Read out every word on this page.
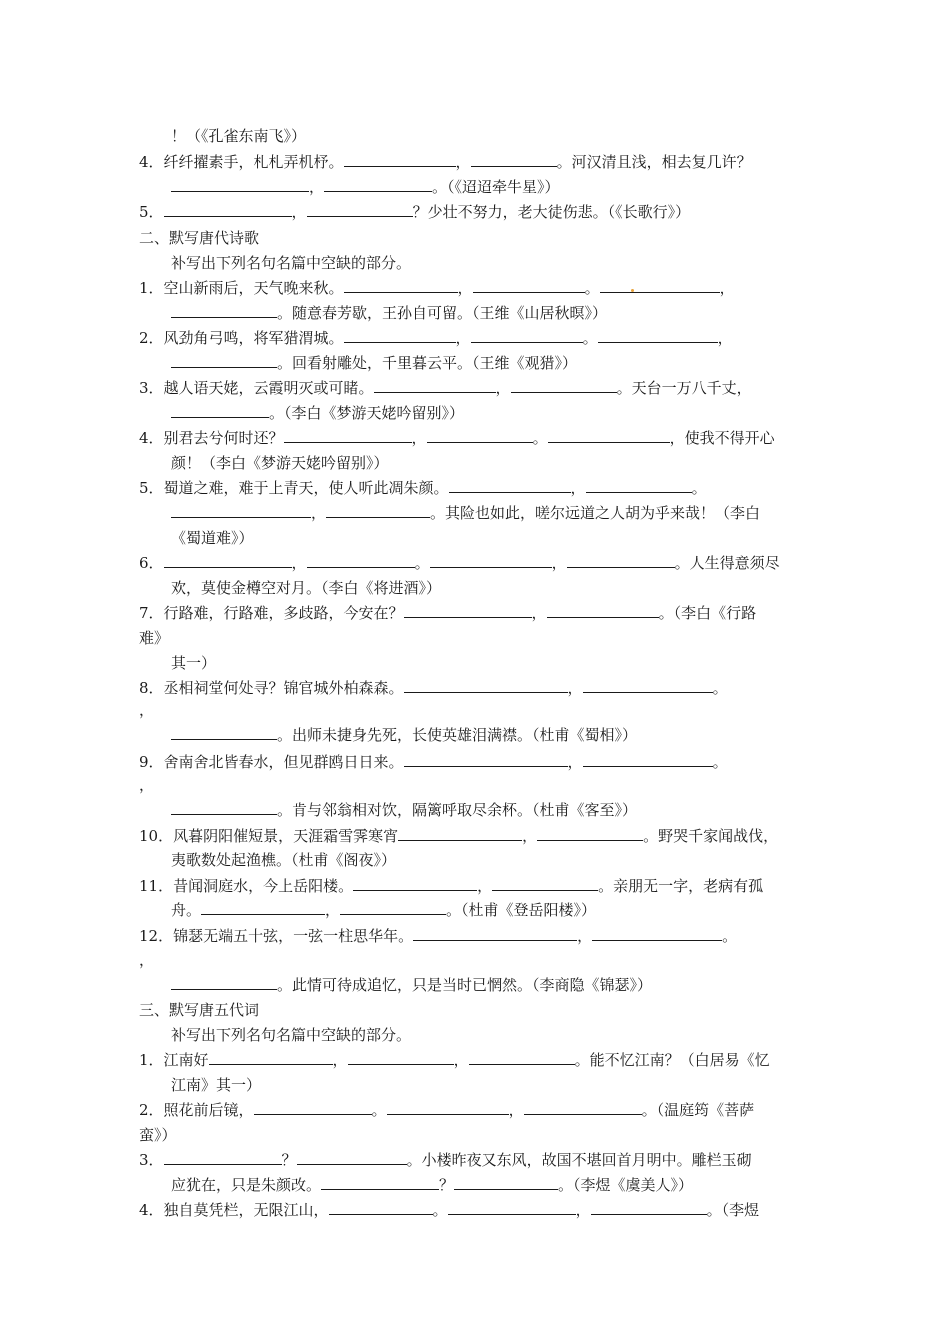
！（《孔雀东南飞》）
4．纤纤擢素手，札札弄机杼。	，	。河汉清且浅，相去复几许？
，	。（《迢迢牵牛星》）
5．	，	？少壮不努力，老大徒伤悲。（《长歌行》）
二、默写唐代诗歌
补写出下列名句名篇中空缺的部分。
1．空山新雨后，天气晚来秋。	，	。	，
。随意春芳歇，王孙自可留。（王维《山居秋暝》）
2．风劲角弓鸣，将军猎渭城。	，	。	，
。回看射雕处，千里暮云平。（王维《观猎》）
3．越人语天姥，云霞明灭或可睹。	，	。天台一万八千丈，
。（李白《梦游天姥吟留别》）
4．别君去兮何时还？	，	。	，使我不得开心
颜！（李白《梦游天姥吟留别》）
5．蜀道之难，难于上青天，使人听此凋朱颜。	，	。
，	。其险也如此，嗟尔远道之人胡为乎来哉！（李白
《蜀道难》）
6．	，	。	，	。人生得意须尽
欢，莫使金樽空对月。（李白《将进酒》）
7．行路难，行路难，多歧路，今安在？	，	。（李白《行路
难》
其一）
8．丞相祠堂何处寻？锦官城外柏森森。	，	。
，
。出师未捷身先死，长使英雄泪满襟。（杜甫《蜀相》）
9．舍南舍北皆春水，但见群鸥日日来。	，	。
，
。肯与邻翁相对饮，隔篱呼取尽余杯。（杜甫《客至》）
10．风暮阴阳催短景，天涯霜雪霁寒宵	，	。野哭千家闻战伐，
夷歌数处起渔樵。（杜甫《阁夜》）
11．昔闻洞庭水，今上岳阳楼。	，	。亲朋无一字，老病有孤
舟。	，	。（杜甫《登岳阳楼》）
12．锦瑟无端五十弦，一弦一柱思华年。	，	。
，
。此情可待成追忆，只是当时已惘然。（李商隐《锦瑟》）
三、默写唐五代词
补写出下列名句名篇中空缺的部分。
1．江南好	，	，	。能不忆江南？（白居易《忆
江南》其一）
2．照花前后镜，	。	，	。（温庭筠《菩萨
蛮》）
3．	？	。小楼昨夜又东风，故国不堪回首月明中。雕栏玉砌
应犹在，只是朱颜改。	？	。（李煜《虞美人》）
4．独自莫凭栏，无限江山，	。	，	。（李煜
